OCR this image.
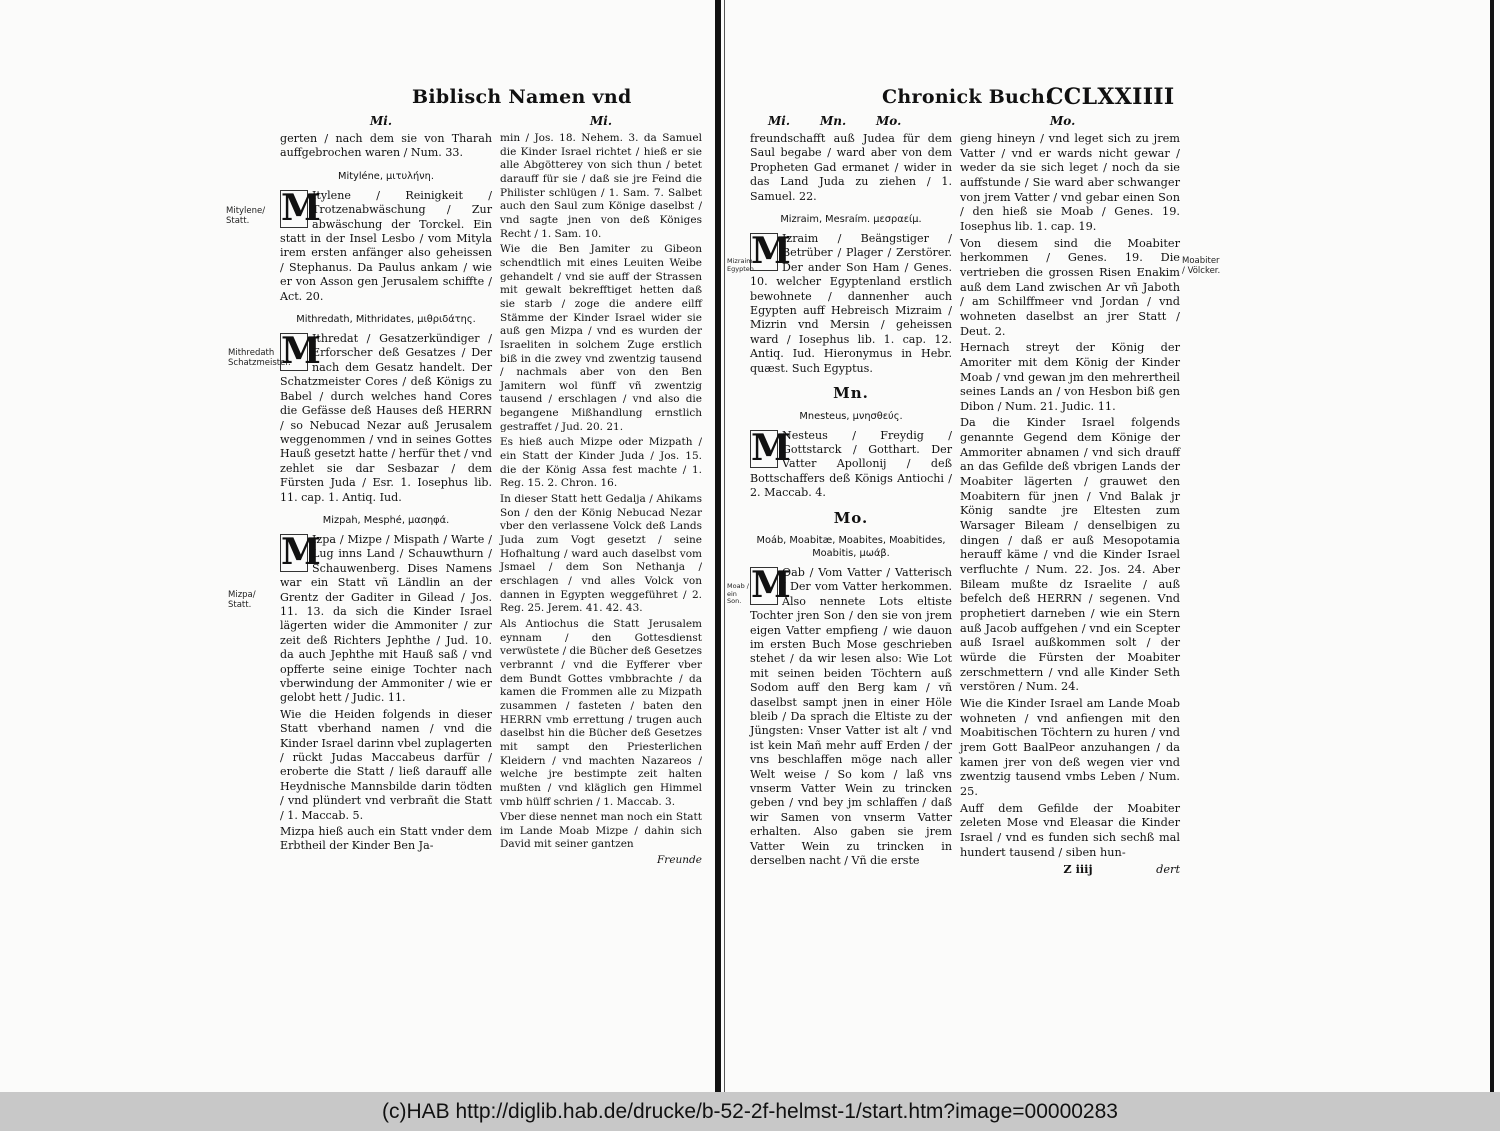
Biblisch Namen vnd
Mi.	Mi.
Mitylene/ Statt.
Mithredath Schatzmeister.
Mizpa/ Statt.

gerten / nach dem sie von Tharah auffgebrochen waren / Num. 33.

Mityléne, μιτυλήνη.

M
Itylene / Reinigkeit / Trotzenabwäschung / Zur abwäschung der Torckel. Ein statt in der Insel Lesbo / vom Mityla irem ersten anfänger also geheissen / Stephanus. Da Paulus ankam / wie er von Asson gen Jerusalem schiffte / Act. 20.

Mithredath, Mithridates, μιθριδάτης.

M
Ithredat / Gesatzerkündiger / Erforscher deß Gesatzes / Der nach dem Gesatz handelt. Der Schatzmeister Cores / deß Königs zu Babel / durch welches hand Cores die Gefässe deß Hauses deß HERRN / so Nebucad Nezar auß Jerusalem weggenommen / vnd in seines Gottes Hauß gesetzt hatte / herfür thet / vnd zehlet sie dar Sesbazar / dem Fürsten Juda / Esr. 1. Iosephus lib. 11. cap. 1. Antiq. Iud.

Mizpah, Mesphé, μασηφά.

M
Izpa / Mizpe / Mispath / Warte / Lug inns Land / Schauwthurn / Schauwenberg. Dises Namens war ein Statt vñ Ländlin an der Grentz der Gaditer in Gilead / Jos. 11. 13. da sich die Kinder Israel lägerten wider die Ammoniter / zur zeit deß Richters Jephthe / Jud. 10. da auch Jephthe mit Hauß saß / vnd opfferte seine einige Tochter nach vberwindung der Ammoniter / wie er gelobt hett / Judic. 11.

Wie die Heiden folgends in dieser Statt vberhand namen / vnd die Kinder Israel darinn vbel zuplagerten / rückt Judas Maccabeus darfür / eroberte die Statt / ließ darauff alle Heydnische Mannsbilde darin tödten / vnd plündert vnd verbrañt die Statt / 1. Maccab. 5.

Mizpa hieß auch ein Statt vnder dem Erbtheil der Kinder Ben Ja-

min / Jos. 18. Nehem. 3. da Samuel die Kinder Israel richtet / hieß er sie alle Abgötterey von sich thun / betet darauff für sie / daß sie jre Feind die Philister schlügen / 1. Sam. 7. Salbet auch den Saul zum Könige daselbst / vnd sagte jnen von deß Königes Recht / 1. Sam. 10.

Wie die Ben Jamiter zu Gibeon schendtlich mit eines Leuiten Weibe gehandelt / vnd sie auff der Strassen mit gewalt bekrefftiget hetten daß sie starb / zoge die andere eilff Stämme der Kinder Israel wider sie auß gen Mizpa / vnd es wurden der Israeliten in solchem Zuge erstlich biß in die zwey vnd zwentzig tausend / nachmals aber von den Ben Jamitern wol fünff vñ zwentzig tausend / erschlagen / vnd also die begangene Mißhandlung ernstlich gestraffet / Jud. 20. 21.

Es hieß auch Mizpe oder Mizpath / ein Statt der Kinder Juda / Jos. 15. die der König Assa fest machte / 1. Reg. 15. 2. Chron. 16.

In dieser Statt hett Gedalja / Ahikams Son / den der König Nebucad Nezar vber den verlassene Volck deß Lands Juda zum Vogt gesetzt / seine Hofhaltung / ward auch daselbst vom Jsmael / dem Son Nethanja / erschlagen / vnd alles Volck von dannen in Egypten weggeführet / 2. Reg. 25. Jerem. 41. 42. 43.

Als Antiochus die Statt Jerusalem eynnam / den Gottesdienst verwüstete / die Bücher deß Gesetzes verbrannt / vnd die Eyfferer vber dem Bundt Gottes vmbbrachte / da kamen die Frommen alle zu Mizpath zusammen / fasteten / baten den HERRN vmb errettung / trugen auch daselbst hin die Bücher deß Gesetzes mit sampt den Priesterlichen Kleidern / vnd machten Nazareos / welche jre bestimpte zeit halten mußten / vnd kläglich gen Himmel vmb hülff schrien / 1. Maccab. 3.

Vber diese nennet man noch ein Statt im Lande Moab Mizpe / dahin sich David mit seiner gantzen

Freunde

Chronick Buch.
CCLXXIIII
Mi. Mn. Mo.	Mo.
Mizraim Egypten.
Moabiter / Völcker.
Moab / ein Son.

freundschafft auß Judea für dem Saul begabe / ward aber von dem Propheten Gad ermanet / wider in das Land Juda zu ziehen / 1. Samuel. 22.

Mizraim, Mesraím. μεσραείμ.

M
Izraim / Beängstiger / Betrüber / Plager / Zerstörer. Der ander Son Ham / Genes. 10. welcher Egyptenland erstlich bewohnete / dannenher auch Egypten auff Hebreisch Mizraim / Mizrin vnd Mersin / geheissen ward / Iosephus lib. 1. cap. 12. Antiq. Iud. Hieronymus in Hebr. quæst. Such Egyptus.

Mn.
Mnesteus, μνησθεύς.

M
Nesteus / Freydig / Gottstarck / Gotthart. Der Vatter Apollonij / deß Bottschaffers deß Königs Antiochi / 2. Maccab. 4.

Mo.
Moáb, Moabitæ, Moabites, Moabitides, Moabitis, μωάβ.

M
Oab / Vom Vatter / Vatterisch / Der vom Vatter herkommen. Also nennete Lots eltiste Tochter jren Son / den sie von jrem eigen Vatter empfieng / wie dauon im ersten Buch Mose geschrieben stehet / da wir lesen also: Wie Lot mit seinen beiden Töchtern auß Sodom auff den Berg kam / vñ daselbst sampt jnen in einer Höle bleib / Da sprach die Eltiste zu der Jüngsten: Vnser Vatter ist alt / vnd ist kein Mañ mehr auff Erden / der vns beschlaffen möge nach aller Welt weise / So kom / laß vns vnserm Vatter Wein zu trincken geben / vnd bey jm schlaffen / daß wir Samen von vnserm Vatter erhalten. Also gaben sie jrem Vatter Wein zu trincken in derselben nacht / Vñ die erste

gieng hineyn / vnd leget sich zu jrem Vatter / vnd er wards nicht gewar / weder da sie sich leget / noch da sie auffstunde / Sie ward aber schwanger von jrem Vatter / vnd gebar einen Son / den hieß sie Moab / Genes. 19. Iosephus lib. 1. cap. 19.

Von diesem sind die Moabiter herkommen / Genes. 19. Die vertrieben die grossen Risen Enakim auß dem Land zwischen Ar vñ Jaboth / am Schilffmeer vnd Jordan / vnd wohneten daselbst an jrer Statt / Deut. 2.

Hernach streyt der König der Amoriter mit dem König der Kinder Moab / vnd gewan jm den mehrertheil seines Lands an / von Hesbon biß gen Dibon / Num. 21. Judic. 11.

Da die Kinder Israel folgends genannte Gegend dem Könige der Ammoriter abnamen / vnd sich drauff an das Gefilde deß vbrigen Lands der Moabiter lägerten / grauwet den Moabitern für jnen / Vnd Balak jr König sandte jre Eltesten zum Warsager Bileam / denselbigen zu dingen / daß er auß Mesopotamia herauff käme / vnd die Kinder Israel verfluchte / Num. 22. Jos. 24. Aber Bileam mußte dz Israelite / auß befelch deß HERRN / segenen. Vnd prophetiert darneben / wie ein Stern auß Jacob auffgehen / vnd ein Scepter auß Israel außkommen solt / der würde die Fürsten der Moabiter zerschmettern / vnd alle Kinder Seth verstören / Num. 24.

Wie die Kinder Israel am Lande Moab wohneten / vnd anfiengen mit den Moabitischen Töchtern zu huren / vnd jrem Gott BaalPeor anzuhangen / da kamen jrer von deß wegen vier vnd zwentzig tausend vmbs Leben / Num. 25.

Auff dem Gefilde der Moabiter zeleten Mose vnd Eleasar die Kinder Israel / vnd es funden sich sechß mal hundert tausend / siben hun-

Z iiij	dert

(c)HAB http://diglib.hab.de/drucke/b-52-2f-helmst-1/start.htm?image=00000283
